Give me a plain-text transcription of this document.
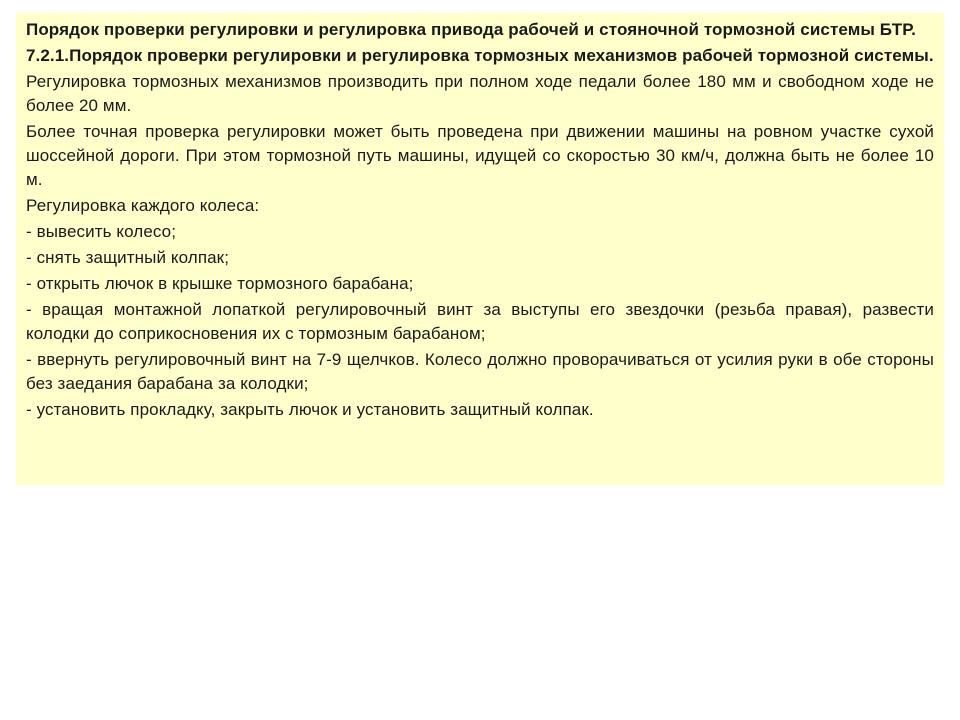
Порядок проверки регулировки и регулировка привода рабочей и стояночной тормозной системы БТР.

7.2.1.Порядок проверки регулировки и регулировка тормозных механизмов рабочей тормозной системы.

Регулировка тормозных механизмов производить при полном ходе педали более 180 мм и свободном ходе не более 20 мм.

Более точная проверка регулировки может быть проведена при движении машины на ровном участке сухой шоссейной дороги. При этом тормозной путь машины, идущей со скоростью 30 км/ч, должна быть не более 10 м.

Регулировка каждого колеса:

- вывесить колесо;

- снять защитный колпак;

- открыть лючок в крышке тормозного барабана;

- вращая монтажной лопаткой регулировочный винт за выступы его звездочки (резьба правая), развести колодки до соприкосновения их с тормозным барабаном;

- ввернуть регулировочный винт на 7-9 щелчков. Колесо должно проворачиваться от усилия руки в обе стороны без заедания барабана за колодки;

- установить прокладку, закрыть лючок и установить защитный колпак.
